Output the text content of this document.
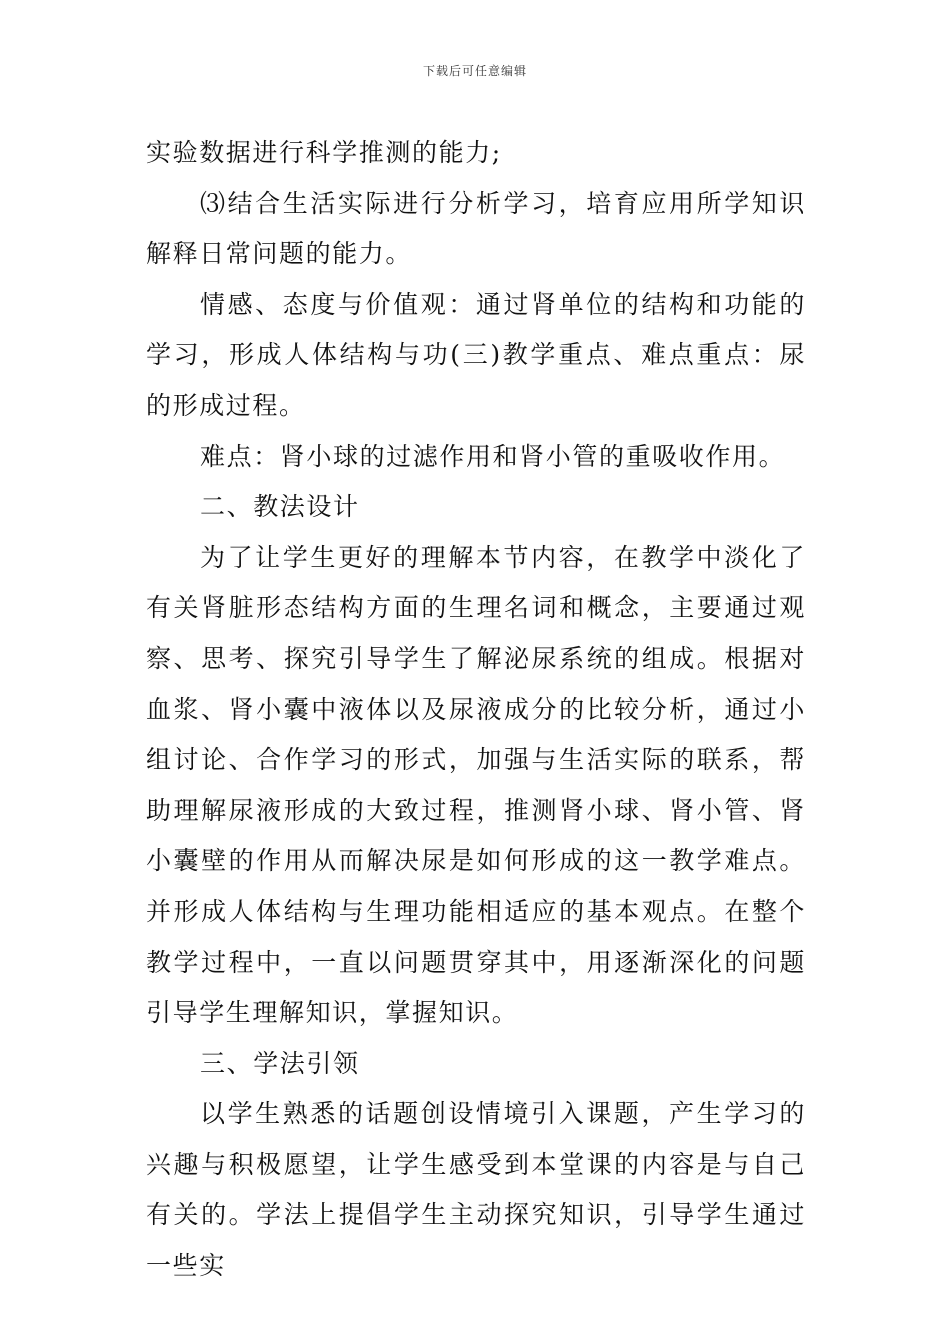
下载后可任意编辑

实验数据进行科学推测的能力;

⑶结合生活实际进行分析学习，培育应用所学知识解释日常问题的能力。

情感、态度与价值观：通过肾单位的结构和功能的学习，形成人体结构与功(三)教学重点、难点重点：尿的形成过程。

难点：肾小球的过滤作用和肾小管的重吸收作用。

二、教法设计

为了让学生更好的理解本节内容，在教学中淡化了有关肾脏形态结构方面的生理名词和概念，主要通过观察、思考、探究引导学生了解泌尿系统的组成。根据对血浆、肾小囊中液体以及尿液成分的比较分析，通过小组讨论、合作学习的形式，加强与生活实际的联系，帮助理解尿液形成的大致过程，推测肾小球、肾小管、肾小囊壁的作用从而解决尿是如何形成的这一教学难点。并形成人体结构与生理功能相适应的基本观点。在整个教学过程中，一直以问题贯穿其中，用逐渐深化的问题引导学生理解知识，掌握知识。

三、学法引领

以学生熟悉的话题创设情境引入课题，产生学习的兴趣与积极愿望，让学生感受到本堂课的内容是与自己有关的。学法上提倡学生主动探究知识，引导学生通过一些实
